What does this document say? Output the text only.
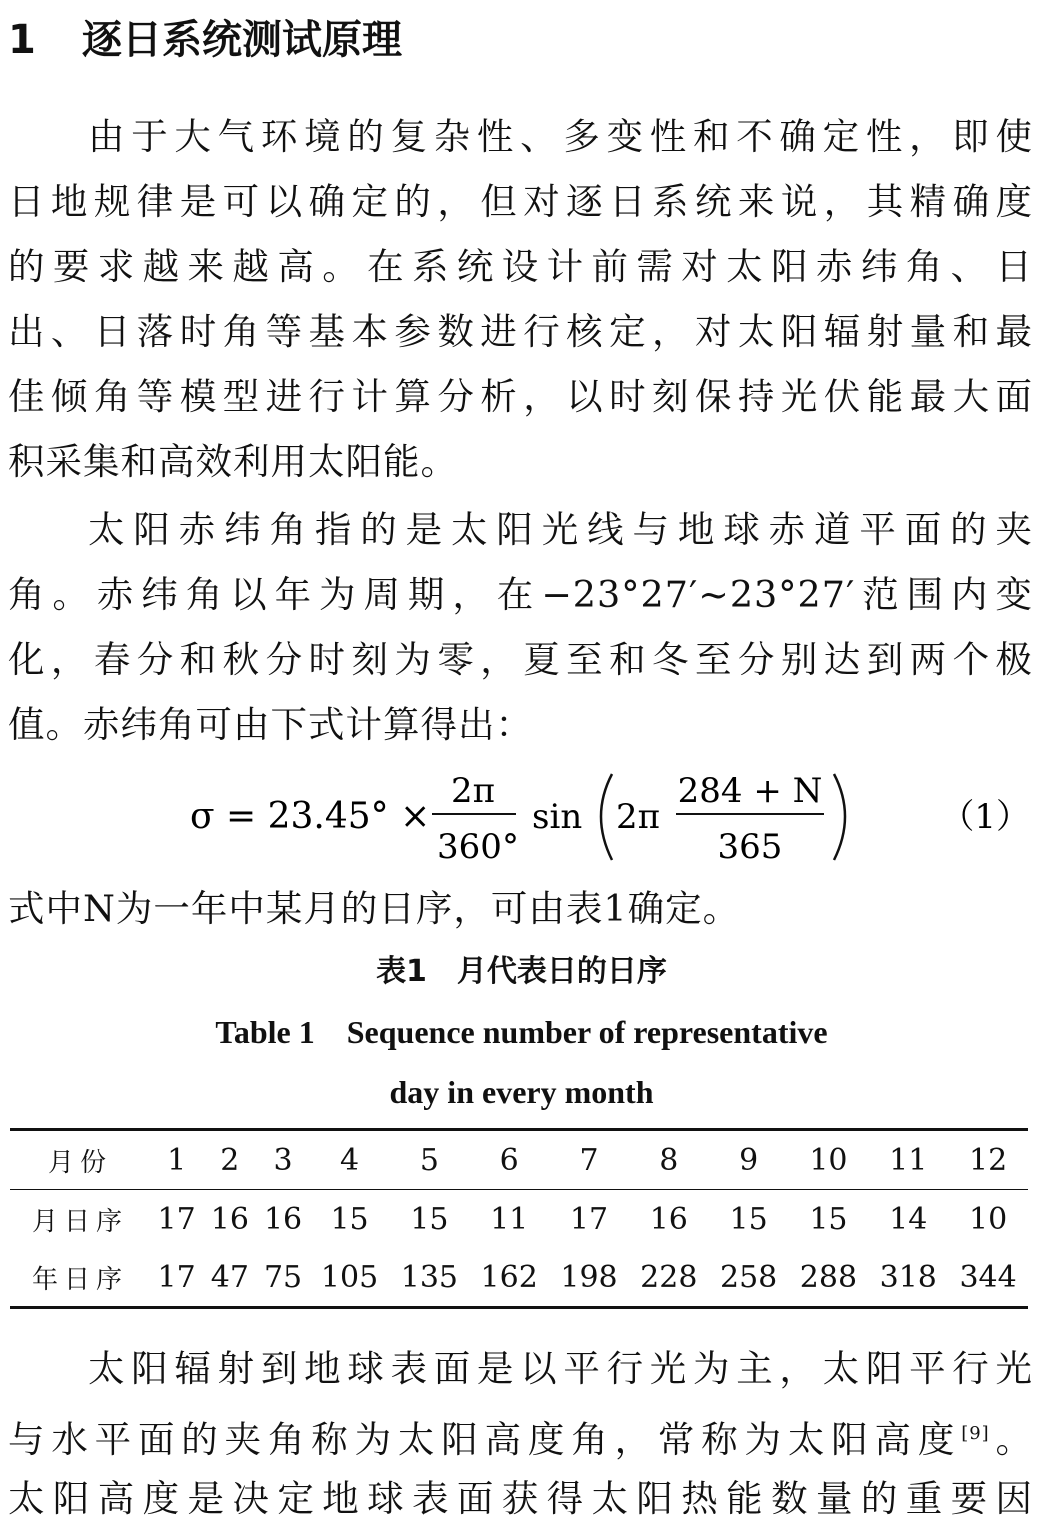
1 逐日系统测试原理
由于大气环境的复杂性、多变性和不确定性，即使
日地规律是可以确定的，但对逐日系统来说，其精确度
的要求越来越高。在系统设计前需对太阳赤纬角、日
出、日落时角等基本参数进行核定，对太阳辐射量和最
佳倾角等模型进行计算分析，以时刻保持光伏能最大面
积采集和高效利用太阳能。
太阳赤纬角指的是太阳光线与地球赤道平面的夹
角。赤纬角以年为周期，在−23°27′~23°27′范围内变
化，春分和秋分时刻为零，夏至和冬至分别达到两个极
值。赤纬角可由下式计算得出：
σ = 23.45° ×
2π
360°
sin 2π
284 + N
365
（1）
式中N为一年中某月的日序，可由表1确定。
表1　月代表日的日序
Table 1　Sequence number of representative
day in every month
月份	1	2	3	4	5	6	7	8	9	10	11	12
月日序	17	16	16	15	15	11	17	16	15	15	14	10
年日序	17	47	75	105	135	162	198	228	258	288	318	344
太阳辐射到地球表面是以平行光为主，太阳平行光
与水平面的夹角称为太阳高度角，常称为太阳高度[9]。
太阳高度是决定地球表面获得太阳热能数量的重要因
